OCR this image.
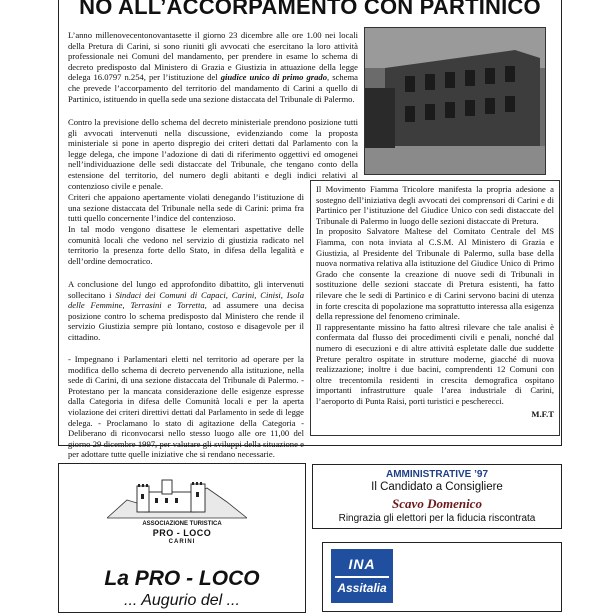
NO ALL’ACCORPAMENTO CON PARTINICO

L’anno millenovecentonovantasette il giorno 23 dicembre alle ore 1.00 nei locali della Pretura di Carini, si sono riuniti gli avvocati che esercitano la loro attività professionale nei Comuni del mandamento, per prendere in esame lo schema di decreto predisposto dal Ministero di Grazia e Giustizia in attuazione della legge delega 16.0797 n.254, per l’istituzione del giudice unico di primo grado, schema che prevede l’accorpamento del territorio del mandamento di Carini a quello di Partinico, istituendo in quella sede una sezione distaccata del Tribunale di Palermo.

Contro la previsione dello schema del decreto ministeriale prendono posizione tutti gli avvocati intervenuti nella discussione, evidenziando come la proposta ministeriale si pone in aperto dispregio dei criteri dettati dal Parlamento con la legge delega, che impone l’adozione di dati di riferimento oggettivi ed omogenei nell’individuazione delle sedi distaccate del Tribunale, che tengano conto della estensione del territorio, del numero degli abitanti e degli indici relativi al contenzioso civile e penale.

Criteri che appaiono apertamente violati denegando l’istituzione di una sezione distaccata del Tribunale nella sede di Carini: prima fra tutti quello concernente l’indice del contenzioso.

In tal modo vengono disattese le elementari aspettative delle comunità locali che vedono nel servizio di giustizia radicato nel territorio la presenza forte dello Stato, in difesa della legalità e dell’ordine democratico.

A conclusione del lungo ed approfondito dibattito, gli intervenuti sollecitano i Sindaci dei Comuni di Capaci, Carini, Cinisi, Isola delle Femmine, Terrasini e Torretta, ad assumere una decisa posizione contro lo schema predisposto dal Ministero che rende il servizio Giustizia sempre più lontano, costoso e disagevole per il cittadino.

- Impegnano i Parlamentari eletti nel territorio ad operare per la modifica dello schema di decreto pervenendo alla istituzione, nella sede di Carini, di una sezione distaccata del Tribunale di Palermo. - Protestano per la mancata considerazione delle esigenze espresse dalla Categoria in difesa delle Comunità locali e per la aperta violazione dei criteri direttivi dettati dal Parlamento in sede di legge delega. - Proclamano lo stato di agitazione della Categoria - Deliberano di riconvocarsi nello stesso luogo alle ore 11,00 del giorno 29 dicembre 1997, per valutare gli sviluppi della situazione e per adottare tutte quelle iniziative che si rendano necessarie.

Il Movimento Fiamma Tricolore manifesta la propria adesione a sostegno dell’iniziativa degli avvocati dei comprensori di Carini e di Partinico per l’istituzione del Giudice Unico con sedi distaccate del Tribunale di Palermo in luogo delle sezioni distaccate di Pretura.

In proposito Salvatore Maltese del Comitato Centrale del MS Fiamma, con nota inviata al C.S.M. Al Ministero di Grazia e Giustizia, al Presidente del Tribunale di Palermo, sulla base della nuova normativa relativa alla istituzione del Giudice Unico di Primo Grado che consente la creazione di nuove sedi di Tribunali in sostituzione delle sezioni staccate di Pretura esistenti, ha fatto rilevare che le sedi di Partinico e di Carini servono bacini di utenza in forte crescita di popolazione ma soprattutto interessa alla esigenza della repressione del fenomeno criminale.

Il rappresentante missino ha fatto altresì rilevare che tale analisi è confermata dal flusso dei procedimenti civili e penali, nonché dal numero di esecuzioni e di altre attività espletate dalle due suddette Preture peraltro ospitate in strutture moderne, giacché di nuova realizzazione; inoltre i due bacini, comprendenti 12 Comuni con oltre trecentomila residenti in crescita demografica ospitano importanti infrastrutture quale l’area industriale di Carini, l’aeroporto di Punta Raisi, porti turistici e pescherecci.

M.F.T
ASSOCIAZIONE TURISTICA
PRO - LOCO
CARINI
La PRO - LOCO
... Augurio del ...
AMMINISTRATIVE ’97
Il Candidato a Consigliere
Scavo Domenico
Ringrazia gli elettori per la fiducia riscontrata
INA
Assitalia
